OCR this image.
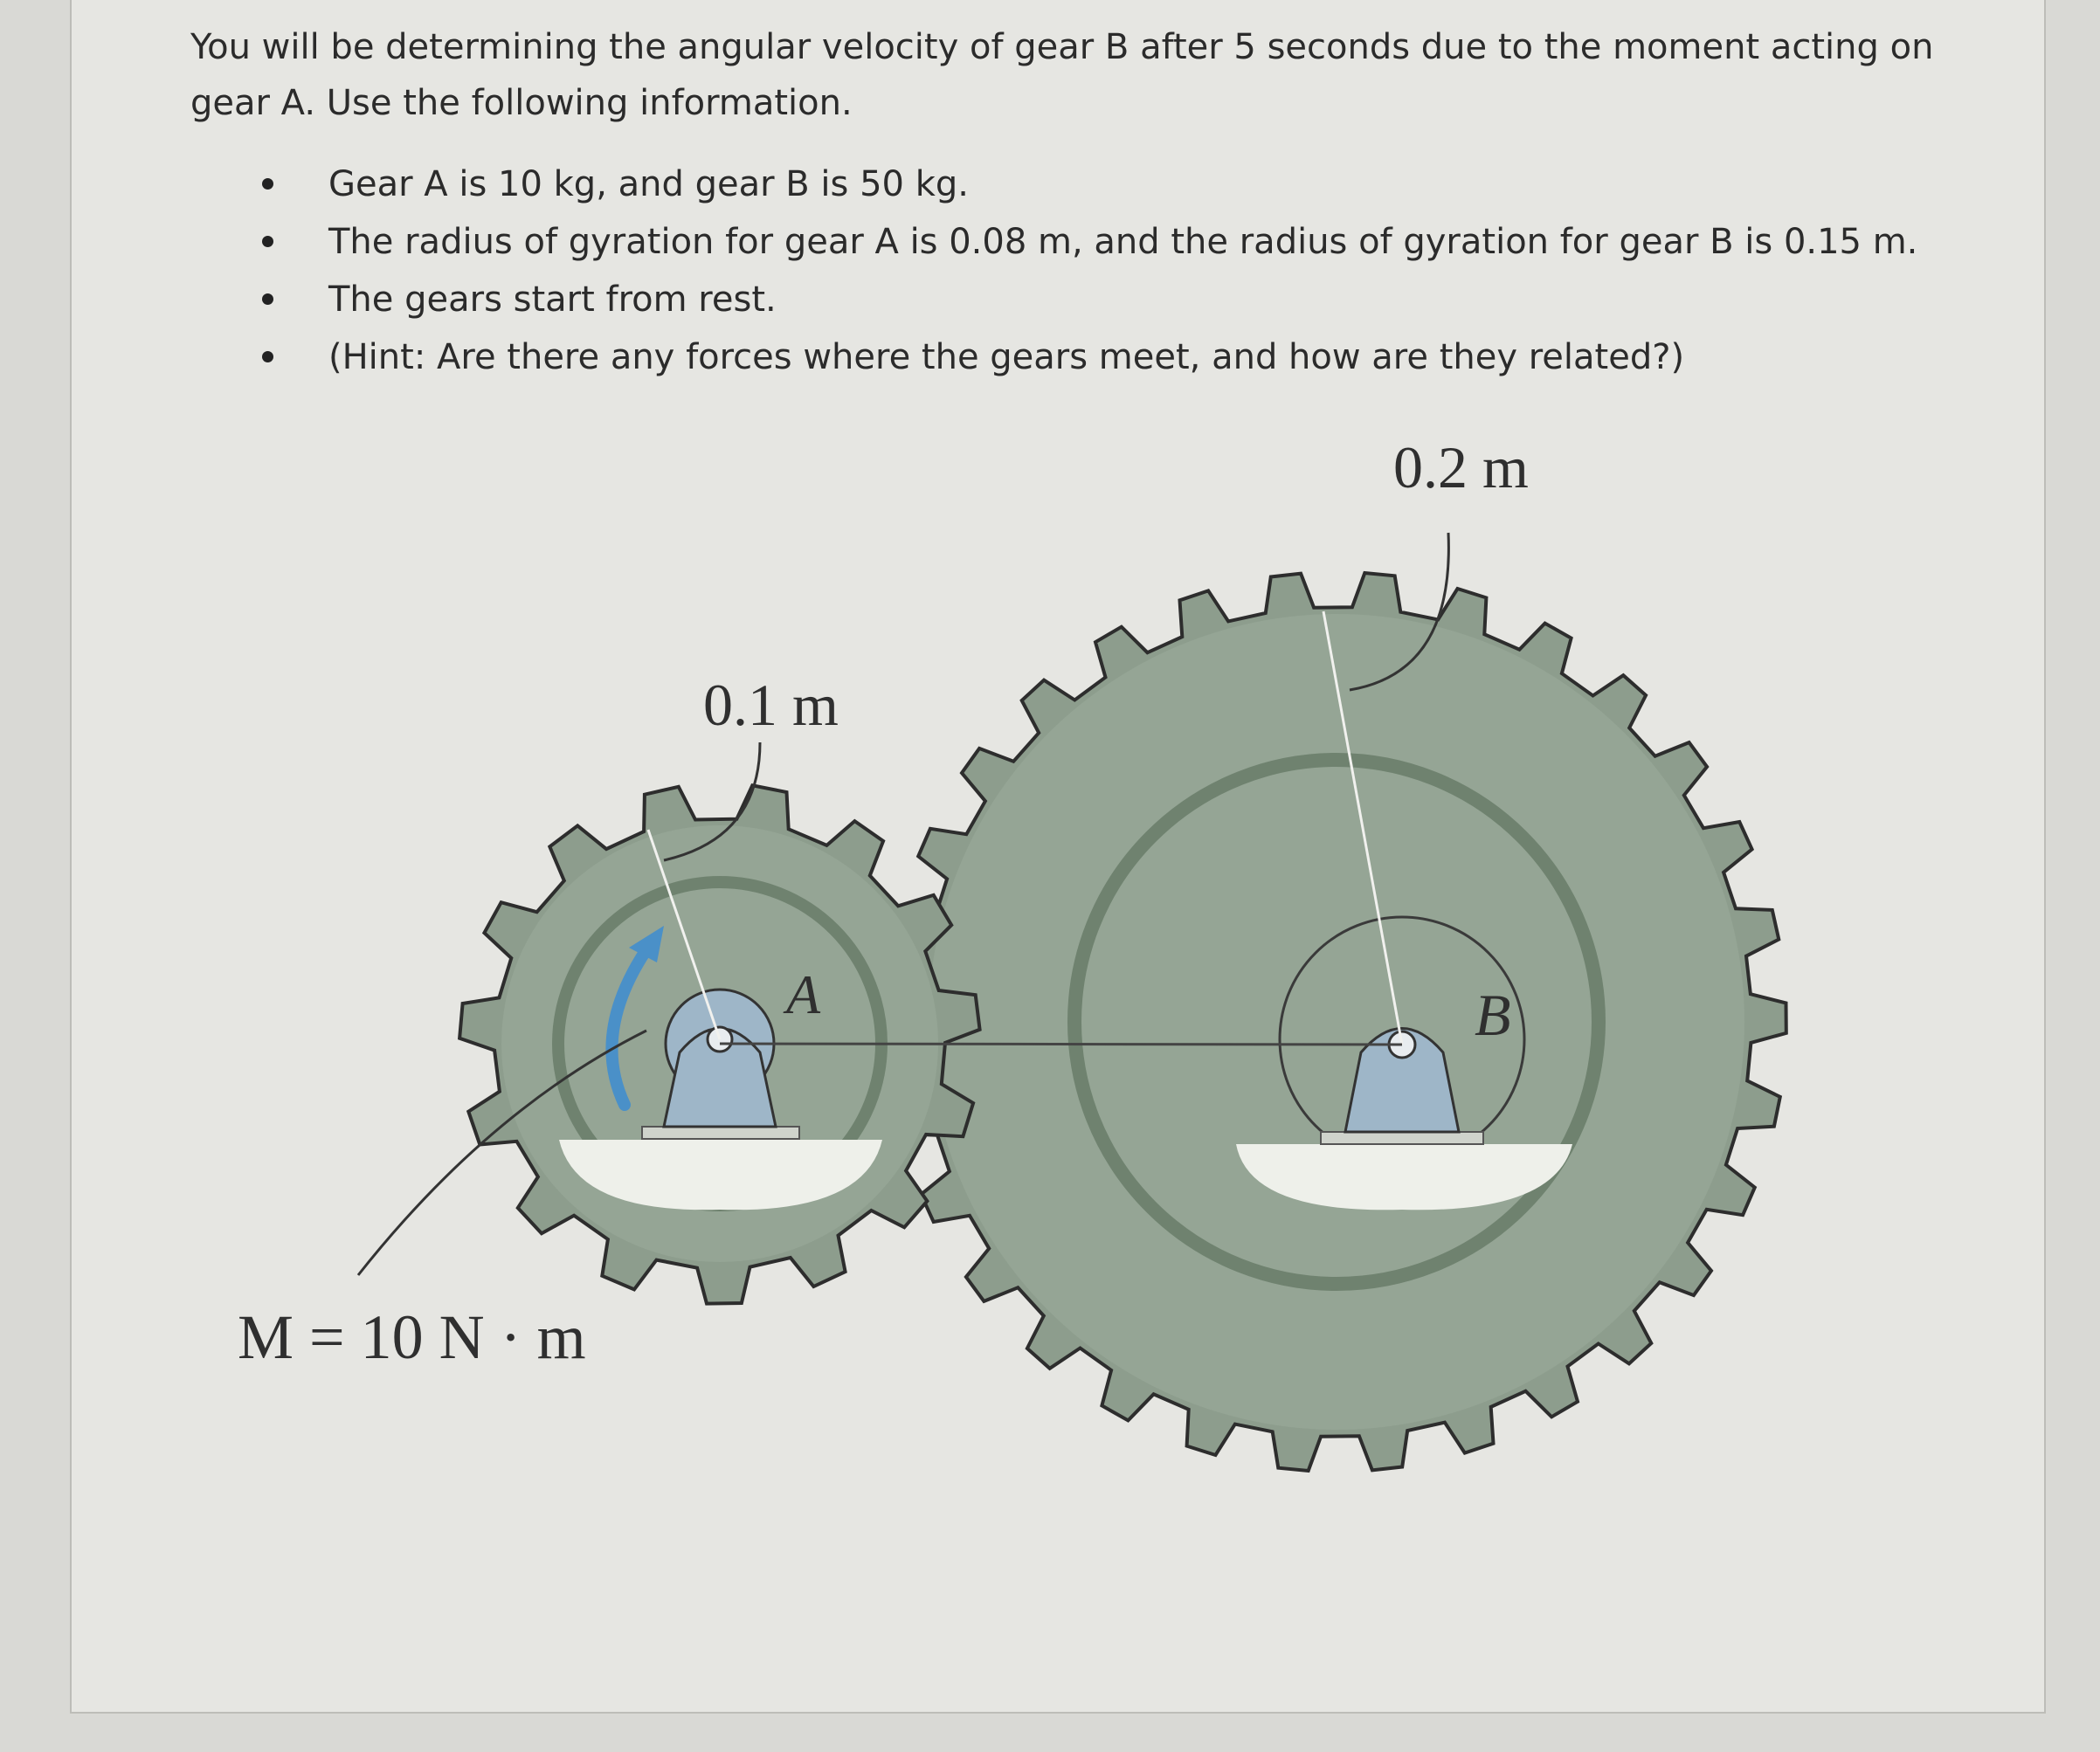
You will be determining the angular velocity of gear B after 5 seconds due to the moment acting on gear A. Use the following information.
Gear A is 10 kg, and gear B is 50 kg.
The radius of gyration for gear A is 0.08 m, and the radius of gyration for gear B is 0.15 m.
The gears start from rest.
(Hint: Are there any forces where the gears meet, and how are they related?)
B
0.2 m
A
0.1 m
M = 10 N · m
